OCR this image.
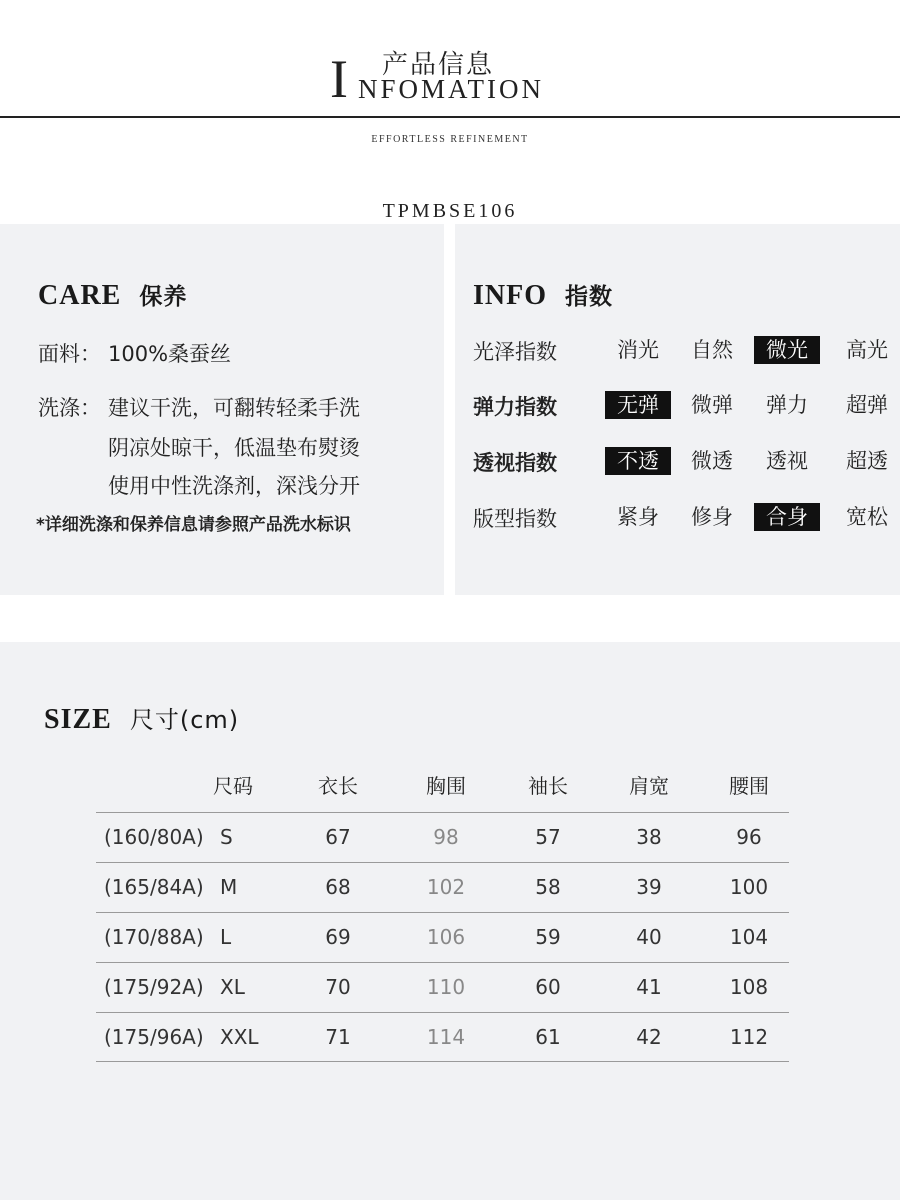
产品信息
I NFOMATION
EFFORTLESS REFINEMENT
TPMBSE106
CARE 保养
面料： 100%桑蚕丝
洗涤： 建议干洗，可翻转轻柔手洗
阴凉处晾干，低温垫布熨烫
使用中性洗涤剂，深浅分开
*详细洗涤和保养信息请参照产品洗水标识
INFO 指数
光泽指数	消光	自然	微光	高光
弹力指数	无弹	微弹	弹力	超弹
透视指数	不透	微透	透视	超透
版型指数	紧身	修身	合身	宽松
SIZE 尺寸(cm)
尺码	衣长	胸围	袖长	肩宽	腰围
(160/80A) S	67	98	57	38	96
(165/84A) M	68	102	58	39	100
(170/88A) L	69	106	59	40	104
(175/92A) XL	70	110	60	41	108
(175/96A) XXL	71	114	61	42	112
